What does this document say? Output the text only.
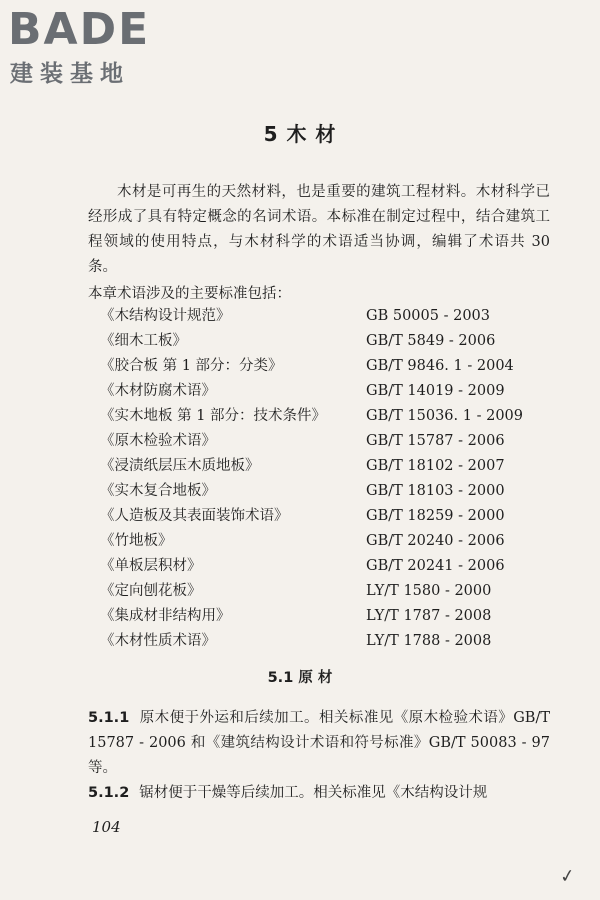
BADE
建装基地
5 木 材
木材是可再生的天然材料，也是重要的建筑工程材料。木材科学已经形成了具有特定概念的名词术语。本标准在制定过程中，结合建筑工程领域的使用特点，与木材科学的术语适当协调，编辑了术语共 30 条。
本章术语涉及的主要标准包括：
《木结构设计规范》	GB 50005 - 2003
《细木工板》	GB/T 5849 - 2006
《胶合板 第 1 部分：分类》	GB/T 9846. 1 - 2004
《木材防腐术语》	GB/T 14019 - 2009
《实木地板 第 1 部分：技术条件》	GB/T 15036. 1 - 2009
《原木检验术语》	GB/T 15787 - 2006
《浸渍纸层压木质地板》	GB/T 18102 - 2007
《实木复合地板》	GB/T 18103 - 2000
《人造板及其表面装饰术语》	GB/T 18259 - 2000
《竹地板》	GB/T 20240 - 2006
《单板层积材》	GB/T 20241 - 2006
《定向刨花板》	LY/T 1580 - 2000
《集成材非结构用》	LY/T 1787 - 2008
《木材性质术语》	LY/T 1788 - 2008
5.1 原 材
5.1.1 原木便于外运和后续加工。相关标准见《原木检验术语》GB/T 15787 - 2006 和《建筑结构设计术语和符号标准》GB/T 50083 - 97 等。
5.1.2 锯材便于干燥等后续加工。相关标准见《木结构设计规
104
✓
